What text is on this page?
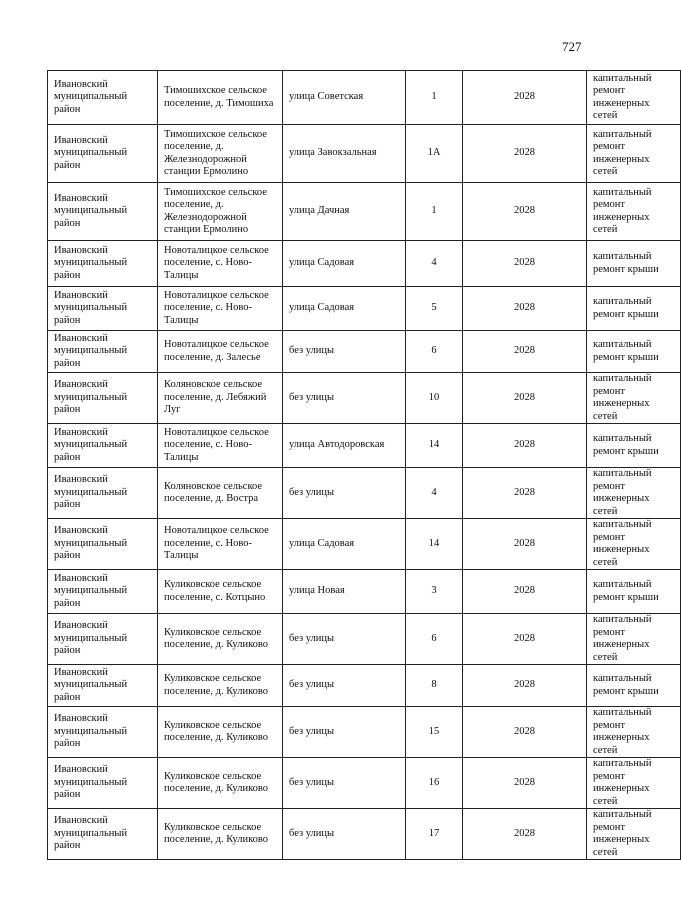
727
Ивановский муниципальный район	Тимошихское сельское поселение, д. Тимошиха	улица Советская	1	2028	капитальный ремонт инженерных сетей
Ивановский муниципальный район	Тимошихское сельское поселение, д. Железнодорожной станции Ермолино	улица Завокзальная	1А	2028	капитальный ремонт инженерных сетей
Ивановский муниципальный район	Тимошихское сельское поселение, д. Железнодорожной станции Ермолино	улица Дачная	1	2028	капитальный ремонт инженерных сетей
Ивановский муниципальный район	Новоталицкое сельское поселение, с. Ново-Талицы	улица Садовая	4	2028	капитальный ремонт крыши
Ивановский муниципальный район	Новоталицкое сельское поселение, с. Ново-Талицы	улица Садовая	5	2028	капитальный ремонт крыши
Ивановский муниципальный район	Новоталицкое сельское поселение, д. Залесье	без улицы	6	2028	капитальный ремонт крыши
Ивановский муниципальный район	Коляновское сельское поселение, д. Лебяжий Луг	без улицы	10	2028	капитальный ремонт инженерных сетей
Ивановский муниципальный район	Новоталицкое сельское поселение, с. Ново-Талицы	улица Автодоровская	14	2028	капитальный ремонт крыши
Ивановский муниципальный район	Коляновское сельское поселение, д. Востра	без улицы	4	2028	капитальный ремонт инженерных сетей
Ивановский муниципальный район	Новоталицкое сельское поселение, с. Ново-Талицы	улица Садовая	14	2028	капитальный ремонт инженерных сетей
Ивановский муниципальный район	Куликовское сельское поселение, с. Котцыно	улица Новая	3	2028	капитальный ремонт крыши
Ивановский муниципальный район	Куликовское сельское поселение, д. Куликово	без улицы	6	2028	капитальный ремонт инженерных сетей
Ивановский муниципальный район	Куликовское сельское поселение, д. Куликово	без улицы	8	2028	капитальный ремонт крыши
Ивановский муниципальный район	Куликовское сельское поселение, д. Куликово	без улицы	15	2028	капитальный ремонт инженерных сетей
Ивановский муниципальный район	Куликовское сельское поселение, д. Куликово	без улицы	16	2028	капитальный ремонт инженерных сетей
Ивановский муниципальный район	Куликовское сельское поселение, д. Куликово	без улицы	17	2028	капитальный ремонт инженерных сетей
